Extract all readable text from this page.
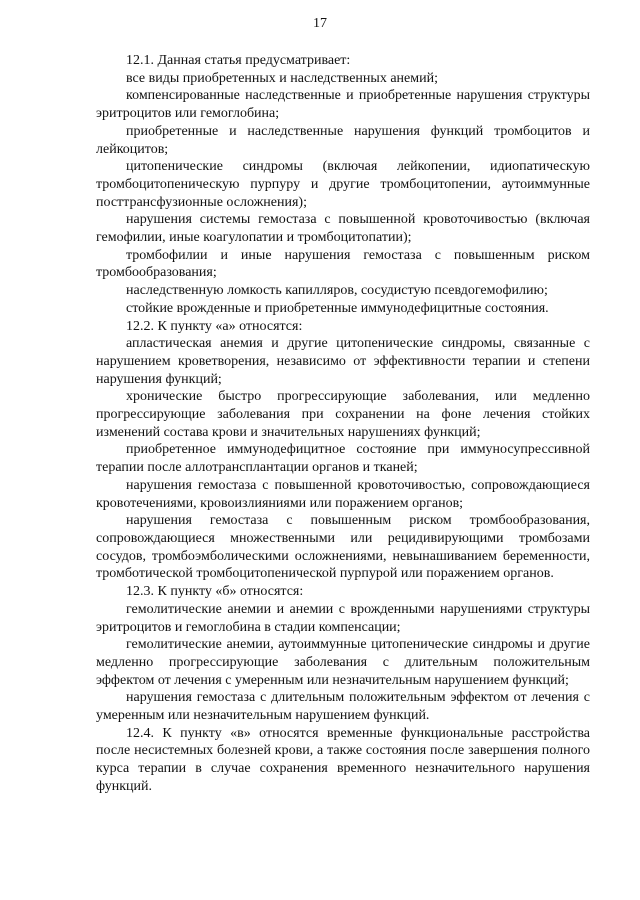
17

12.1. Данная статья предусматривает:

все виды приобретенных и наследственных анемий;

компенсированные наследственные и приобретенные нарушения структуры эритроцитов или гемоглобина;

приобретенные и наследственные нарушения функций тромбоцитов и лейкоцитов;

цитопенические синдромы (включая лейкопении, идиопатическую тромбоцитопеническую пурпуру и другие тромбоцитопении, аутоиммунные посттрансфузионные осложнения);

нарушения системы гемостаза с повышенной кровоточивостью (включая гемофилии, иные коагулопатии и тромбоцитопатии);

тромбофилии и иные нарушения гемостаза с повышенным риском тромбообразования;

наследственную ломкость капилляров, сосудистую псевдогемофилию;

стойкие врожденные и приобретенные иммунодефицитные состояния.

12.2. К пункту «а» относятся:

апластическая анемия и другие цитопенические синдромы, связанные с нарушением кроветворения, независимо от эффективности терапии и степени нарушения функций;

хронические быстро прогрессирующие заболевания, или медленно прогрессирующие заболевания при сохранении на фоне лечения стойких изменений состава крови и значительных нарушениях функций;

приобретенное иммунодефицитное состояние при иммуносупрессивной терапии после аллотрансплантации органов и тканей;

нарушения гемостаза с повышенной кровоточивостью, сопровождающиеся кровотечениями, кровоизлияниями или поражением органов;

нарушения гемостаза с повышенным риском тромбообразования, сопровождающиеся множественными или рецидивирующими тромбозами сосудов, тромбоэмболическими осложнениями, невынашиванием беременности, тромботической тромбоцитопенической пурпурой или поражением органов.

12.3. К пункту «б» относятся:

гемолитические анемии и анемии с врожденными нарушениями структуры эритроцитов и гемоглобина в стадии компенсации;

гемолитические анемии, аутоиммунные цитопенические синдромы и другие медленно прогрессирующие заболевания с длительным положительным эффектом от лечения с умеренным или незначительным нарушением функций;

нарушения гемостаза с длительным положительным эффектом от лечения с умеренным или незначительным нарушением функций.

12.4. К пункту «в» относятся временные функциональные расстройства после несистемных болезней крови, а также состояния после завершения полного курса терапии в случае сохранения временного незначительного нарушения функций.
